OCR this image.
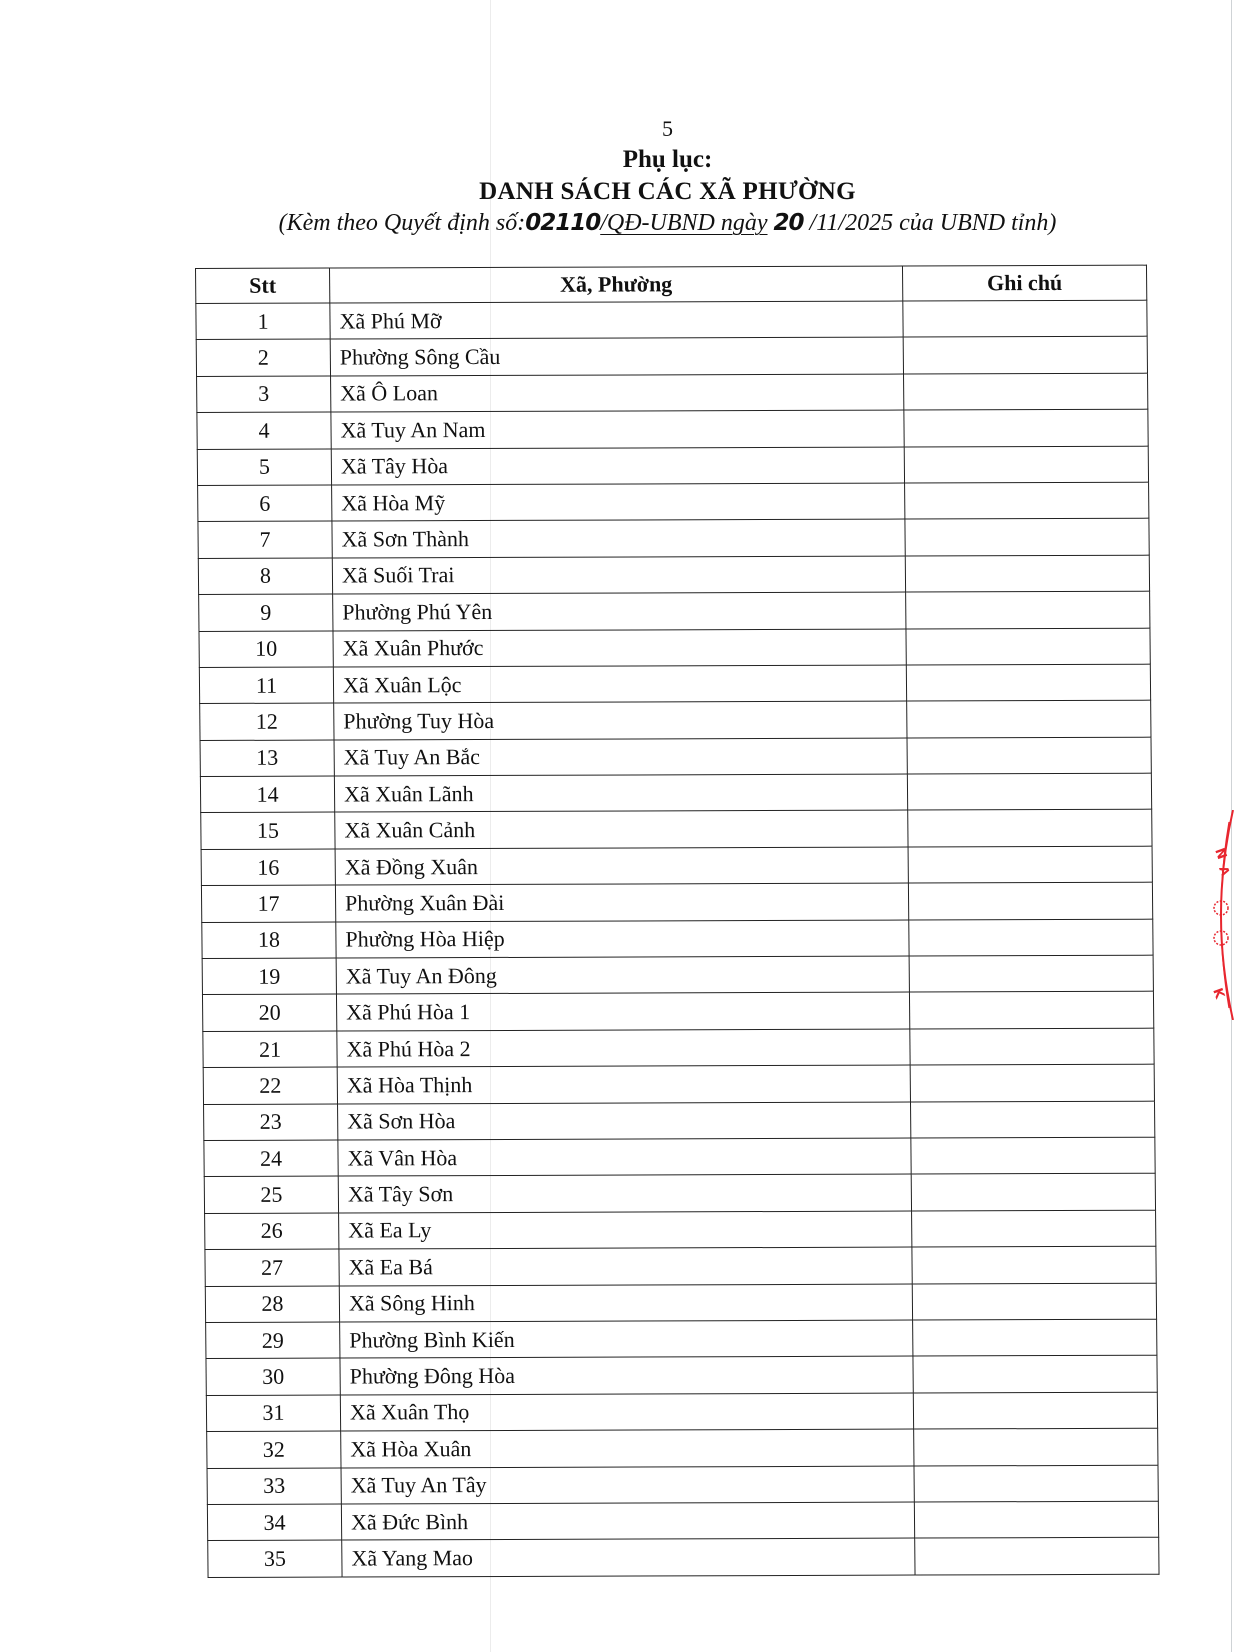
5
Phụ lục:
DANH SÁCH CÁC XÃ PHƯỜNG
(Kèm theo Quyết định số:02110/QĐ-UBND ngày 20 /11/2025 của UBND tỉnh)
Stt	Xã, Phường	Ghi chú
1	Xã Phú Mỡ	
2	Phường Sông Cầu	
3	Xã Ô Loan	
4	Xã Tuy An Nam	
5	Xã Tây Hòa	
6	Xã Hòa Mỹ	
7	Xã Sơn Thành	
8	Xã Suối Trai	
9	Phường Phú Yên	
10	Xã Xuân Phước	
11	Xã Xuân Lộc	
12	Phường Tuy Hòa	
13	Xã Tuy An Bắc	
14	Xã Xuân Lãnh	
15	Xã Xuân Cảnh	
16	Xã Đồng Xuân	
17	Phường Xuân Đài	
18	Phường Hòa Hiệp	
19	Xã Tuy An Đông	
20	Xã Phú Hòa 1	
21	Xã Phú Hòa 2	
22	Xã Hòa Thịnh	
23	Xã Sơn Hòa	
24	Xã Vân Hòa	
25	Xã Tây Sơn	
26	Xã Ea Ly	
27	Xã Ea Bá	
28	Xã Sông Hinh	
29	Phường Bình Kiến	
30	Phường Đông Hòa	
31	Xã Xuân Thọ	
32	Xã Hòa Xuân	
33	Xã Tuy An Tây	
34	Xã Đức Bình	
35	Xã Yang Mao	
N
A
K
